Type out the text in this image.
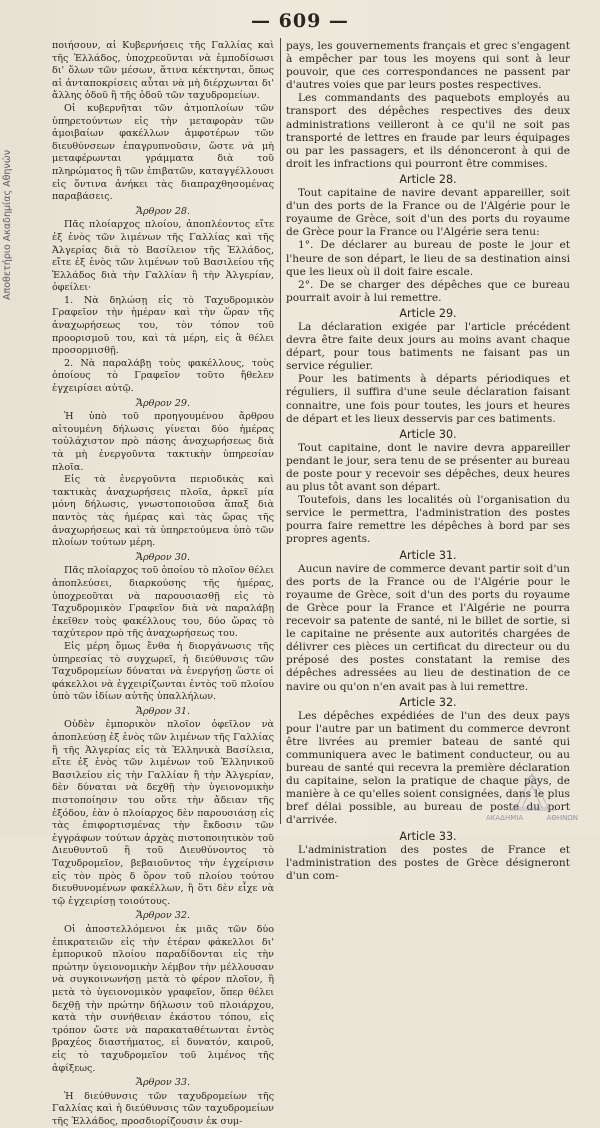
— 609 —
Αποθετήριο Ακαδημίας Αθηνών

ποιήσουν, αἱ Κυβερνήσεις τῆς Γαλλίας καὶ τῆς Ἑλλάδος, ὑποχρεοῦνται νὰ ἐμποδίσωσι δι' ὅλων τῶν μέσων, ἅτινα κέκτηνται, ὅπως αἱ ἀνταποκρίσεις αὗται νὰ μὴ διέρχωνται δι' ἄλλης ὁδοῦ ἢ τῆς ὁδοῦ τῶν ταχυδρομείων.

Οἱ κυβερνῆται τῶν ἀτμοπλοίων τῶν ὑπηρετούντων εἰς τὴν μεταφορὰν τῶν ἀμοιβαίων φακέλλων ἀμφοτέρων τῶν διευθύνσεων ἐπαγρυπνοῦσιν, ὥστε νὰ μὴ μεταφέρωνται γράμματα διὰ τοῦ πληρώματος ἢ τῶν ἐπιβατῶν, καταγγέλλουσι εἰς ὅντινα ἀνήκει τὰς διαπραχθησομένας παραβάσεις.

Ἄρθρον 28.

Πᾶς πλοίαρχος πλοίου, ἀποπλέοντος εἴτε ἐξ ἑνὸς τῶν λιμένων τῆς Γαλλίας καὶ τῆς Ἀλγερίας διὰ τὸ Βασίλειον τῆς Ἑλλάδος, εἴτε ἐξ ἑνὸς τῶν λιμένων τοῦ Βασιλείου τῆς Ἑλλάδος διὰ τὴν Γαλλίαν ἢ τὴν Ἀλγερίαν, ὀφείλει·

1. Νὰ δηλώσῃ εἰς τὸ Ταχυδρομικὸν Γραφεῖον τὴν ἡμέραν καὶ τὴν ὥραν τῆς ἀναχωρήσεως του, τὸν τόπον τοῦ προορισμοῦ του, καὶ τὰ μέρη, εἰς ἃ θέλει προσορμισθῇ.

2. Νὰ παραλάβῃ τοὺς φακέλλους, τοὺς ὁποίους τὸ Γραφεῖον τοῦτο ἤθελεν ἐγχειρίσει αὐτῷ.

Ἄρθρον 29.

Ἡ ὑπὸ τοῦ προηγουμένου ἄρθρου αἰτουμένη δήλωσις γίνεται δύο ἡμέρας τοὐλάχιστον πρὸ πάσης ἀναχωρήσεως διὰ τὰ μὴ ἐνεργοῦντα τακτικὴν ὑπηρεσίαν πλοῖα.

Εἰς τὰ ἐνεργοῦντα περιοδικὰς καὶ τακτικὰς ἀναχωρήσεις πλοῖα, ἀρκεῖ μία μόνη δήλωσις, γνωστοποιοῦσα ἅπαξ διὰ παντὸς τὰς ἡμέρας καὶ τὰς ὥρας τῆς ἀναχωρήσεως καὶ τὰ ὑπηρετούμενα ὑπὸ τῶν πλοίων τούτων μέρη.

Ἄρθρον 30.

Πᾶς πλοίαρχος τοῦ ὁποίου τὸ πλοῖον θέλει ἀποπλεύσει, διαρκούσης τῆς ἡμέρας, ὑποχρεοῦται νὰ παρουσιασθῇ εἰς τὸ Ταχυδρομικὸν Γραφεῖον διὰ νὰ παραλάβῃ ἐκεῖθεν τοὺς φακέλλους του, δύο ὥρας τὸ ταχύτερον πρὸ τῆς ἀναχωρήσεως του.

Εἰς μέρη ὅμως ἔνθα ἡ διοργάνωσις τῆς ὑπηρεσίας τὸ συγχωρεῖ, ἡ διεύθυνσις τῶν Ταχυδρομείων δύναται νὰ ἐνεργήσῃ ὥστε οἱ φάκελλοι νὰ ἐγχειρίζωνται ἐντὸς τοῦ πλοίου ὑπὸ τῶν ἰδίων αὐτῆς ὑπαλλήλων.

Ἄρθρον 31.

Οὐδὲν ἐμπορικὸν πλοῖον ὀφεῖλον νὰ ἀποπλεύσῃ ἐξ ἑνὸς τῶν λιμένων τῆς Γαλλίας ἢ τῆς Ἀλγερίας εἰς τὰ Ἑλληνικὰ Βασίλεια, εἴτε ἐξ ἑνὸς τῶν λιμένων τοῦ Ἑλληνικοῦ Βασιλείου εἰς τὴν Γαλλίαν ἢ τὴν Ἀλγερίαν, δὲν δύναται νὰ δεχθῇ τὴν ὑγειονομικὴν πιστοποίησιν του οὔτε τὴν ἄδειαν τῆς ἐξόδου, ἐὰν ὁ πλοίαρχος δὲν παρουσιάσῃ εἰς τὰς ἐπιφορτισμένας τὴν ἔκδοσιν τῶν ἐγγράφων τούτων ἀρχὰς πιστοποιητικὸν τοῦ Διευθυντοῦ ἢ τοῦ Διευθύνοντος τὸ Ταχυδρομεῖον, βεβαιοῦντος τὴν ἐγχείρισιν εἰς τὸν πρὸς δ ὅρον τοῦ πλοίου τούτου διευθυνομένων φακέλλων, ἢ ὅτι δὲν εἶχε νὰ τῷ ἐγχειρίσῃ τοιούτους.

Ἄρθρον 32.

Οἱ ἀποστελλόμενοι ἐκ μιᾶς τῶν δύο ἐπικρατειῶν εἰς τὴν ἑτέραν φάκελλοι δι' ἐμπορικοῦ πλοίου παραδίδονται εἰς τὴν πρώτην ὑγειονομικὴν λέμβον τὴν μέλλουσαν νὰ συγκοινωνήσῃ μετὰ τὸ φέρον πλοῖον, ἢ μετὰ τὸ ὑγειονομικὸν γραφεῖον, ὅπερ θέλει δεχθῇ τὴν πρώτην δήλωσιν τοῦ πλοιάρχου, κατὰ τὴν συνήθειαν ἑκάστου τόπου, εἰς τρόπον ὥστε νὰ παρακαταθέτωνται ἐντὸς βραχέος διαστήματος, εἰ δυνατόν, καιροῦ, εἰς τὸ ταχυδρομεῖον τοῦ λιμένος τῆς ἀφίξεως.

Ἄρθρον 33.

Ἡ διεύθυνσις τῶν ταχυδρομείων τῆς Γαλλίας καὶ ἡ διεύθυνσις τῶν ταχυδρομείων τῆς Ἑλλάδος, προσδιορίζουσιν ἐκ συμ-

pays, les gouvernements français et grec s'engagent à empêcher par tous les moyens qui sont à leur pouvoir, que ces correspondances ne passent par d'autres voies que par leurs postes respectives.

Les commandants des paquebots employés au transport des dépêches respectives des deux administrations veilleront à ce qu'il ne soit pas transporté de lettres en fraude par leurs équipages ou par les passagers, et ils dénonceront à qui de droit les infractions qui pourront être commises.

Article 28.

Tout capitaine de navire devant appareiller, soit d'un des ports de la France ou de l'Algérie pour le royaume de Grèce, soit d'un des ports du royaume de Grèce pour la France ou l'Algérie sera tenu:

1°. De déclarer au bureau de poste le jour et l'heure de son départ, le lieu de sa destination ainsi que les lieux où il doit faire escale.

2°. De se charger des dépêches que ce bureau pourrait avoir à lui remettre.

Article 29.

La déclaration exigée par l'article précédent devra être faite deux jours au moins avant chaque départ, pour tous batiments ne faisant pas un service régulier.

Pour les batiments à départs périodiques et réguliers, il suffira d'une seule déclaration faisant connaitre, une fois pour toutes, les jours et heures de départ et les lieux desservis par ces batiments.

Article 30.

Tout capitaine, dont le navire devra appareiller pendant le jour, sera tenu de se présenter au bureau de poste pour y recevoir ses dépêches, deux heures au plus tôt avant son départ.

Toutefois, dans les localités où l'organisation du service le permettra, l'administration des postes pourra faire remettre les dépêches à bord par ses propres agents.

Article 31.

Aucun navire de commerce devant partir soit d'un des ports de la France ou de l'Algérie pour le royaume de Grèce, soit d'un des ports du royaume de Grèce pour la France et l'Algérie ne pourra recevoir sa patente de santé, ni le billet de sortie, si le capitaine ne présente aux autorités chargées de délivrer ces pièces un certificat du directeur ou du préposé des postes constatant la remise des dépêches adressées au lieu de destination de ce navire ou qu'on n'en avait pas à lui remettre.

Article 32.

Les dépêches expédiées de l'un des deux pays pour l'autre par un batiment du commerce devront être livrées au premier bateau de santé qui communiquera avec le batiment conducteur, ou au bureau de santé qui recevra la première déclaration du capitaine, selon la pratique de chaque pays, de manière à ce qu'elles soient consignées, dans le plus bref délai possible, au bureau de poste du port d'arrivée.

Article 33.

L'administration des postes de France et l'administration des postes de Grèce désigneront d'un com-

ΑΚΑΔΗΜΙΑ	ΑΘΗΝΩΝ
